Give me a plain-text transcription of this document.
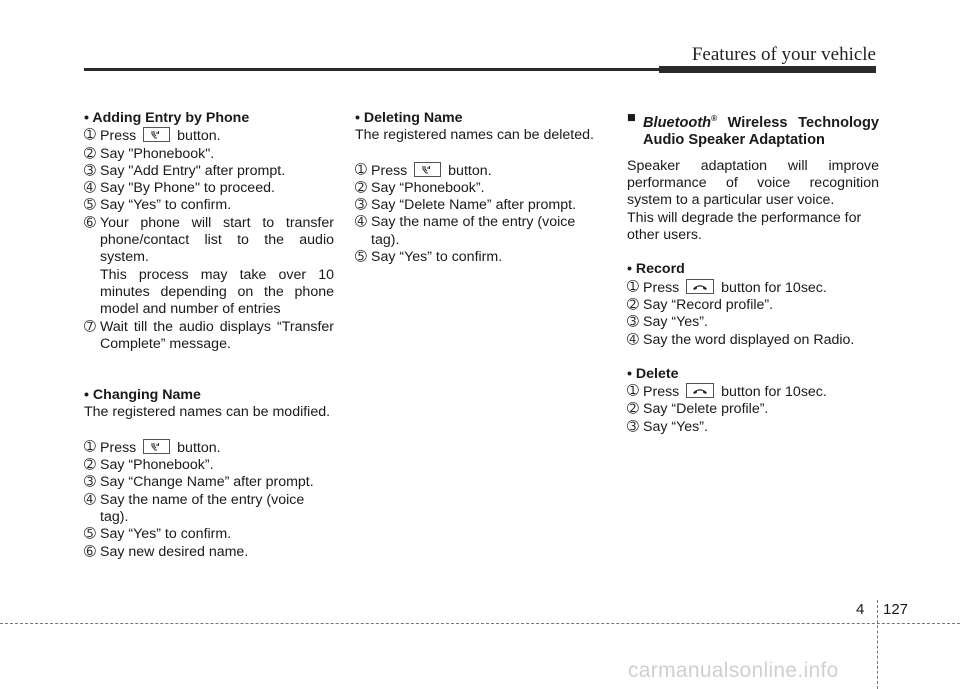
Features of your vehicle
• Adding Entry by Phone
➀ Press
button.
➁ Say "Phonebook".
➂ Say "Add Entry" after prompt.
➃ Say "By Phone" to proceed.
➄ Say “Yes” to confirm.
➅ Your phone will start to transfer phone/contact list to the audio system.
This process may take over 10 minutes depending on the phone model and number of entries
➆ Wait till the audio displays “Transfer Complete” message.
• Changing Name
The registered names can be modified.
➀ Press
button.
➁ Say “Phonebook”.
➂ Say “Change Name” after prompt.
➃ Say the name of the entry (voice tag).
➄ Say “Yes” to confirm.
➅ Say new desired name.
• Deleting Name
The registered names can be deleted.
➀ Press
button.
➁ Say “Phonebook”.
➂ Say “Delete Name” after prompt.
➃ Say the name of the entry (voice tag).
➄ Say “Yes” to confirm.
■ Bluetooth® Wireless Technology Audio Speaker Adaptation
Speaker adaptation will improve performance of voice recognition system to a particular user voice.
This will degrade the performance for other users.
• Record
➀ Press
button for 10sec.
➁ Say “Record profile”.
➂ Say “Yes”.
➃ Say the word displayed on Radio.
• Delete
➀ Press
button for 10sec.
➁ Say “Delete profile”.
➂ Say “Yes”.
4 127
carmanualsonline.info
